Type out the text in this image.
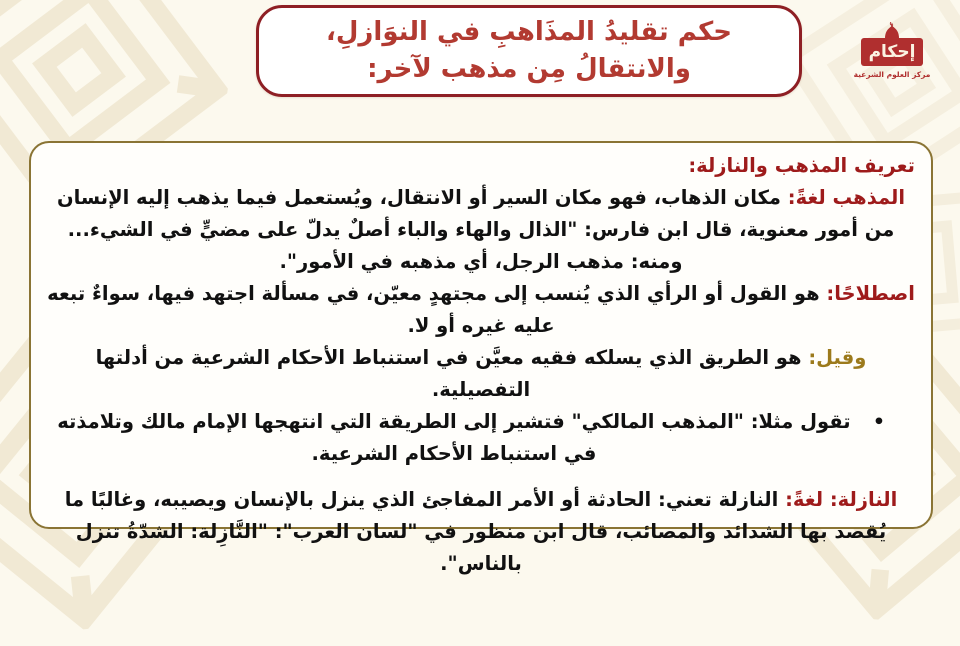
حكم تقليدُ المذَاهبِ في النوَازلِ،
والانتقالُ مِن مذهب لآخر:
إحكام
مركز العلوم الشرعية
تعريف المذهب والنازلة:
المذهب لغةً: مكان الذهاب، فهو مكان السير أو الانتقال، ويُستعمل فيما يذهب إليه الإنسان من أمور معنوية، قال ابن فارس: "الذال والهاء والباء أصلٌ يدلّ على مضيٍّ في الشيء... ومنه: مذهب الرجل، أي مذهبه في الأمور".
اصطلاحًا: هو القول أو الرأي الذي يُنسب إلى مجتهدٍ معيّن، في مسألة اجتهد فيها، سواءٌ تبعه عليه غيره أو لا.
وقيل: هو الطريق الذي يسلكه فقيه معيَّن في استنباط الأحكام الشرعية من أدلتها التفصيلية.
•
تقول مثلا: "المذهب المالكي" فتشير إلى الطريقة التي انتهجها الإمام مالك وتلامذته في استنباط الأحكام الشرعية.
النازلة: لغةً: النازلة تعني: الحادثة أو الأمر المفاجئ الذي ينزل بالإنسان ويصيبه، وغالبًا ما يُقصد بها الشدائد والمصائب، قال ابن منظور في "لسان العرب": "النَّازِلة: الشدّةُ تنزل بالناس".
